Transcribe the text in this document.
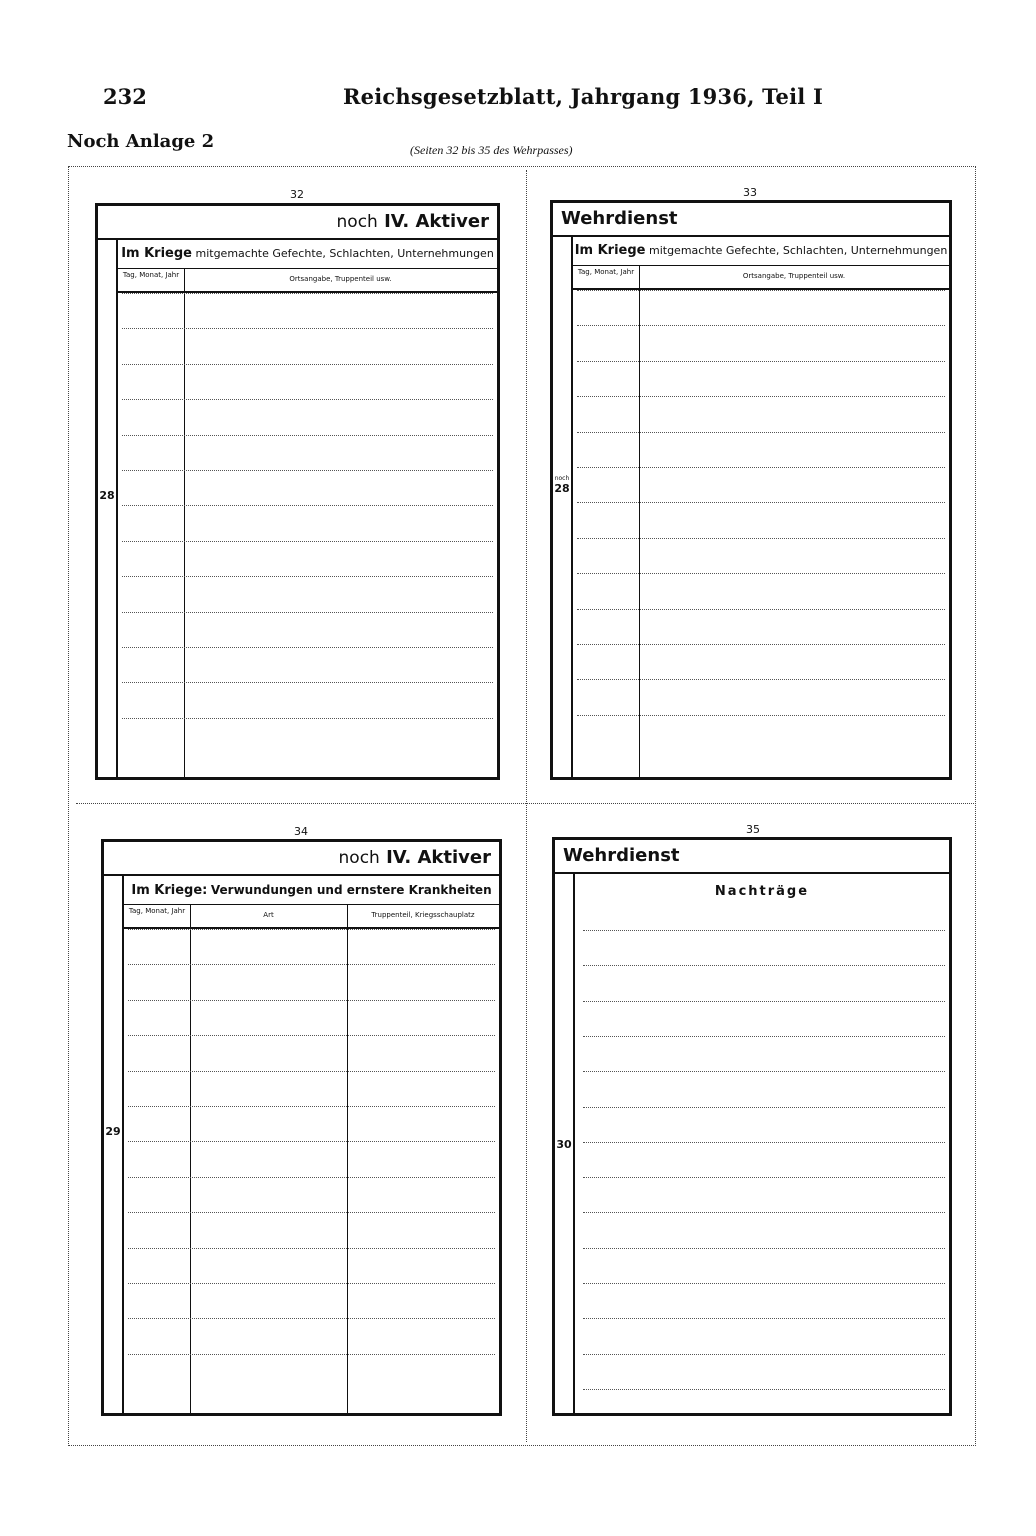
232	Reichsgesetzblatt, Jahrgang 1936, Teil I
Noch Anlage 2	(Seiten 32 bis 35 des Wehrpasses)
32	33
34	35
noch IV. Aktiver
28
Im Kriege mitgemachte Gefechte, Schlachten, Unternehmungen
Tag, Monat, Jahr	Ortsangabe, Truppenteil usw.
Wehrdienst
noch
28
Im Kriege mitgemachte Gefechte, Schlachten, Unternehmungen
Tag, Monat, Jahr	Ortsangabe, Truppenteil usw.
noch IV. Aktiver
29
Im Kriege: Verwundungen und ernstere Krankheiten
Tag, Monat, Jahr	Art	Truppenteil, Kriegsschauplatz
Wehrdienst
30
Nachträge
